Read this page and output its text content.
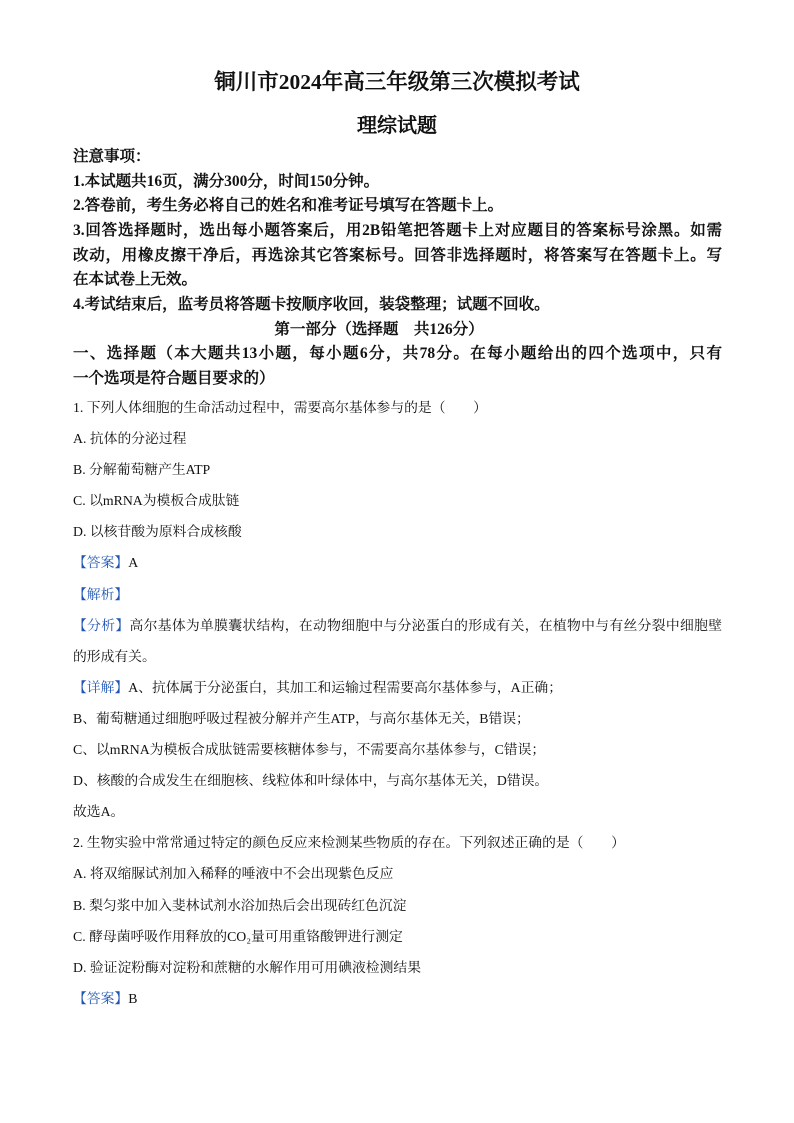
铜川市2024年高三年级第三次模拟考试
理综试题
注意事项：
1.本试题共16页，满分300分，时间150分钟。
2.答卷前，考生务必将自己的姓名和准考证号填写在答题卡上。
3.回答选择题时，选出每小题答案后，用2B铅笔把答题卡上对应题目的答案标号涂黑。如需
改动，用橡皮擦干净后，再选涂其它答案标号。回答非选择题时，将答案写在答题卡上。写
在本试卷上无效。
4.考试结束后，监考员将答题卡按顺序收回，装袋整理；试题不回收。
第一部分（选择题　共126分）
一、选择题（本大题共13小题，每小题6分，共78分。在每小题给出的四个选项中，只有
一个选项是符合题目要求的）
1. 下列人体细胞的生命活动过程中，需要高尔基体参与的是（　　）
A. 抗体的分泌过程
B. 分解葡萄糖产生ATP
C. 以mRNA为模板合成肽链
D. 以核苷酸为原料合成核酸
【答案】A
【解析】
【分析】高尔基体为单膜囊状结构，在动物细胞中与分泌蛋白的形成有关，在植物中与有丝分裂中细胞壁
的形成有关。
【详解】A、抗体属于分泌蛋白，其加工和运输过程需要高尔基体参与，A正确；
B、葡萄糖通过细胞呼吸过程被分解并产生ATP，与高尔基体无关，B错误；
C、以mRNA为模板合成肽链需要核糖体参与，不需要高尔基体参与，C错误；
D、核酸的合成发生在细胞核、线粒体和叶绿体中，与高尔基体无关，D错误。
故选A。
2. 生物实验中常常通过特定的颜色反应来检测某些物质的存在。下列叙述正确的是（　　）
A. 将双缩脲试剂加入稀释的唾液中不会出现紫色反应
B. 梨匀浆中加入斐林试剂水浴加热后会出现砖红色沉淀
C. 酵母菌呼吸作用释放的CO₂量可用重铬酸钾进行测定
D. 验证淀粉酶对淀粉和蔗糖的水解作用可用碘液检测结果
【答案】B
